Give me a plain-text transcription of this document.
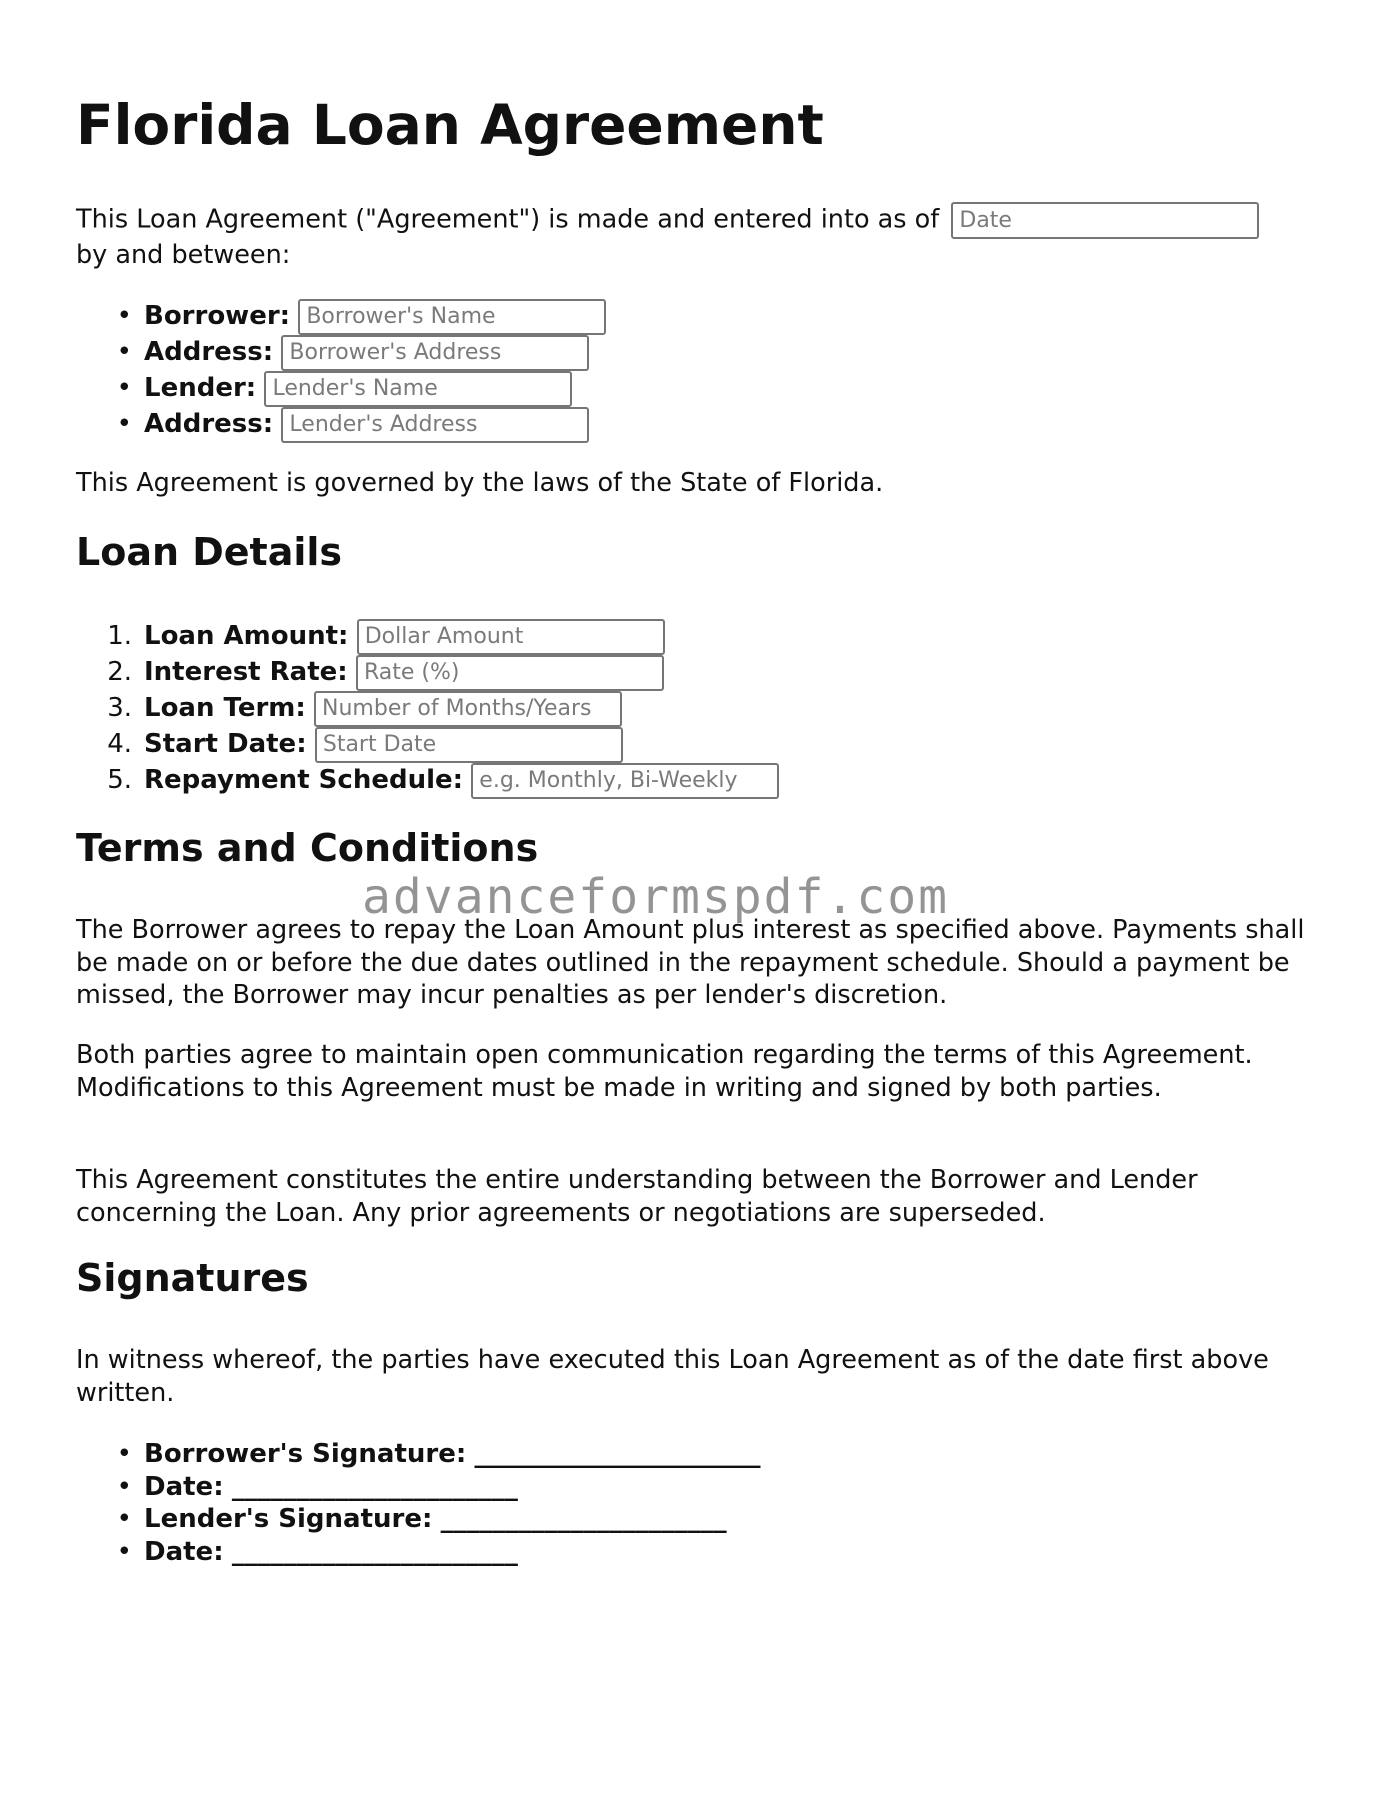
Florida Loan Agreement

This Loan Agreement ("Agreement") is made and entered into as of Date
by and between:

• Borrower: Borrower's Name
• Address: Borrower's Address
• Lender: Lender's Name
• Address: Lender's Address

This Agreement is governed by the laws of the State of Florida.

Loan Details
1. Loan Amount: Dollar Amount
2. Interest Rate: Rate (%)
3. Loan Term: Number of Months/Years
4. Start Date: Start Date
5. Repayment Schedule: e.g. Monthly, Bi-Weekly
Terms and Conditions

The Borrower agrees to repay the Loan Amount plus interest as specified above. Payments shall be made on or before the due dates outlined in the repayment schedule. Should a payment be missed, the Borrower may incur penalties as per lender's discretion.

Both parties agree to maintain open communication regarding the terms of this Agreement. Modifications to this Agreement must be made in writing and signed by both parties.

This Agreement constitutes the entire understanding between the Borrower and Lender concerning the Loan. Any prior agreements or negotiations are superseded.

Signatures

In witness whereof, the parties have executed this Loan Agreement as of the date first above written.

• Borrower's Signature: ______________________
• Date: ______________________
• Lender's Signature: ______________________
• Date: ______________________
advanceformspdf.com
